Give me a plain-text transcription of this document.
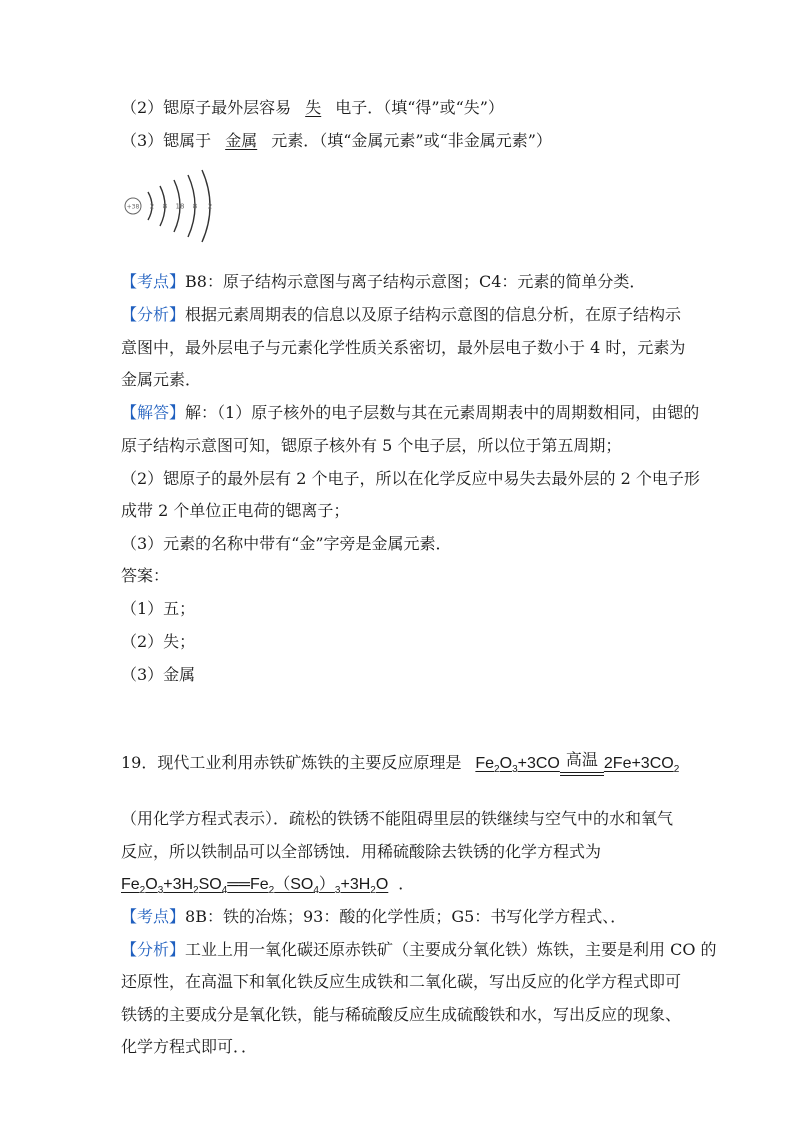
（2）锶原子最外层容易 失 电子．（填“得”或“失”）
（3）锶属于 金属 元素．（填“金属元素”或“非金属元素”）
+38 2 8 18 8 2
【考点】B8：原子结构示意图与离子结构示意图；C4：元素的简单分类．
【分析】根据元素周期表的信息以及原子结构示意图的信息分析，在原子结构示
意图中，最外层电子与元素化学性质关系密切，最外层电子数小于 4 时，元素为
金属元素．
【解答】解：（1）原子核外的电子层数与其在元素周期表中的周期数相同，由锶的
原子结构示意图可知，锶原子核外有 5 个电子层，所以位于第五周期；
（2）锶原子的最外层有 2 个电子，所以在化学反应中易失去最外层的 2 个电子形
成带 2 个单位正电荷的锶离子；
（3）元素的名称中带有“金”字旁是金属元素．
答案：
（1）五；
（2）失；
（3）金属
19．现代工业利用赤铁矿炼铁的主要反应原理是 $Fe_2O_3+3CO$ 高温 $2Fe+3CO_2$
（用化学方程式表示）．疏松的铁锈不能阻碍里层的铁继续与空气中的水和氧气
反应，所以铁制品可以全部锈蚀．用稀硫酸除去铁锈的化学方程式为
$Fe_2O_3+3H_2SO_4══Fe_2(SO_4)_3+3H_2O$ ．
【考点】8B：铁的冶炼；93：酸的化学性质；G5：书写化学方程式、．
【分析】工业上用一氧化碳还原赤铁矿（主要成分氧化铁）炼铁，主要是利用 CO 的
还原性，在高温下和氧化铁反应生成铁和二氧化碳，写出反应的化学方程式即可
铁锈的主要成分是氧化铁，能与稀硫酸反应生成硫酸铁和水，写出反应的现象、
化学方程式即可．．
